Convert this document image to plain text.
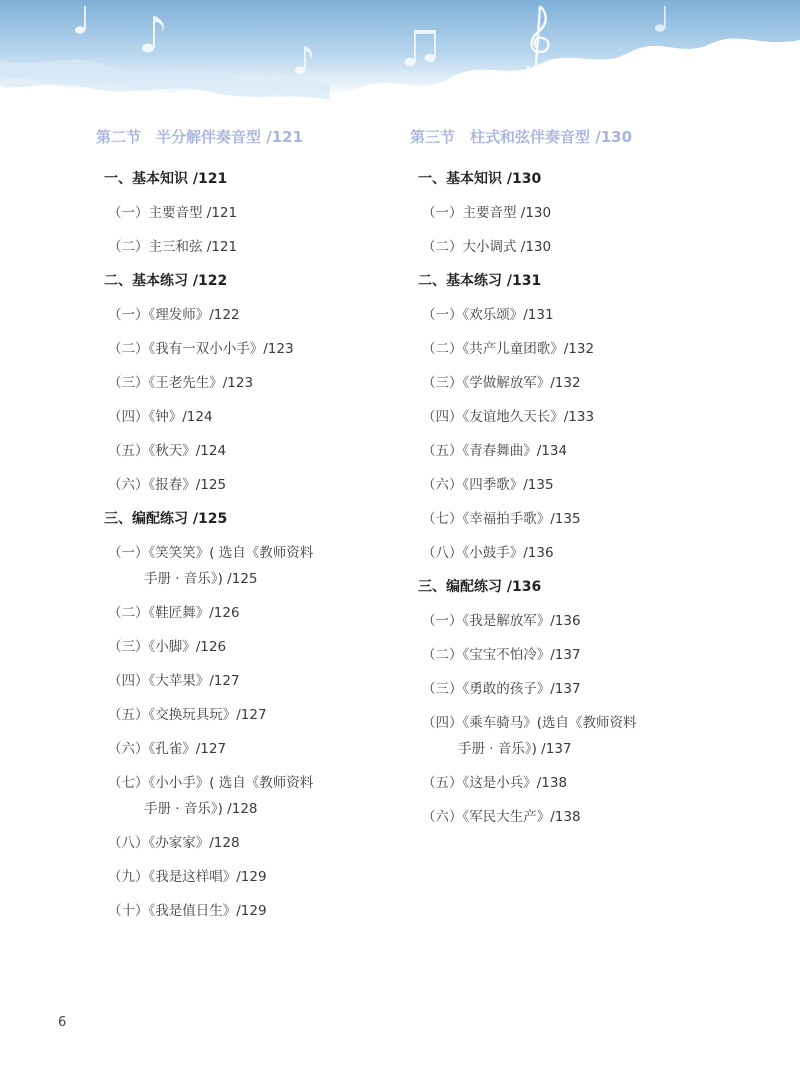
第二节　半分解伴奏音型 /121
一、基本知识 /121
（一）主要音型 /121
（二）主三和弦 /121
二、基本练习 /122
（一）《理发师》/122
（二）《我有一双小小手》/123
（三）《王老先生》/123
（四）《钟》/124
（五）《秋天》/124
（六）《报春》/125
三、编配练习 /125
（一）《笑笑笑》( 选自《教师资料
手册 · 音乐》) /125
（二）《鞋匠舞》/126
（三）《小脚》/126
（四）《大苹果》/127
（五）《交换玩具玩》/127
（六）《孔雀》/127
（七）《小小手》( 选自《教师资料
手册 · 音乐》) /128
（八）《办家家》/128
（九）《我是这样唱》/129
（十）《我是值日生》/129
第三节　柱式和弦伴奏音型 /130
一、基本知识 /130
（一）主要音型 /130
（二）大小调式 /130
二、基本练习 /131
（一）《欢乐颂》/131
（二）《共产儿童团歌》/132
（三）《学做解放军》/132
（四）《友谊地久天长》/133
（五）《青春舞曲》/134
（六）《四季歌》/135
（七）《幸福拍手歌》/135
（八）《小鼓手》/136
三、编配练习 /136
（一）《我是解放军》/136
（二）《宝宝不怕冷》/137
（三）《勇敢的孩子》/137
（四）《乘车骑马》(选自《教师资料
手册 · 音乐》) /137
（五）《这是小兵》/138
（六）《军民大生产》/138
6
